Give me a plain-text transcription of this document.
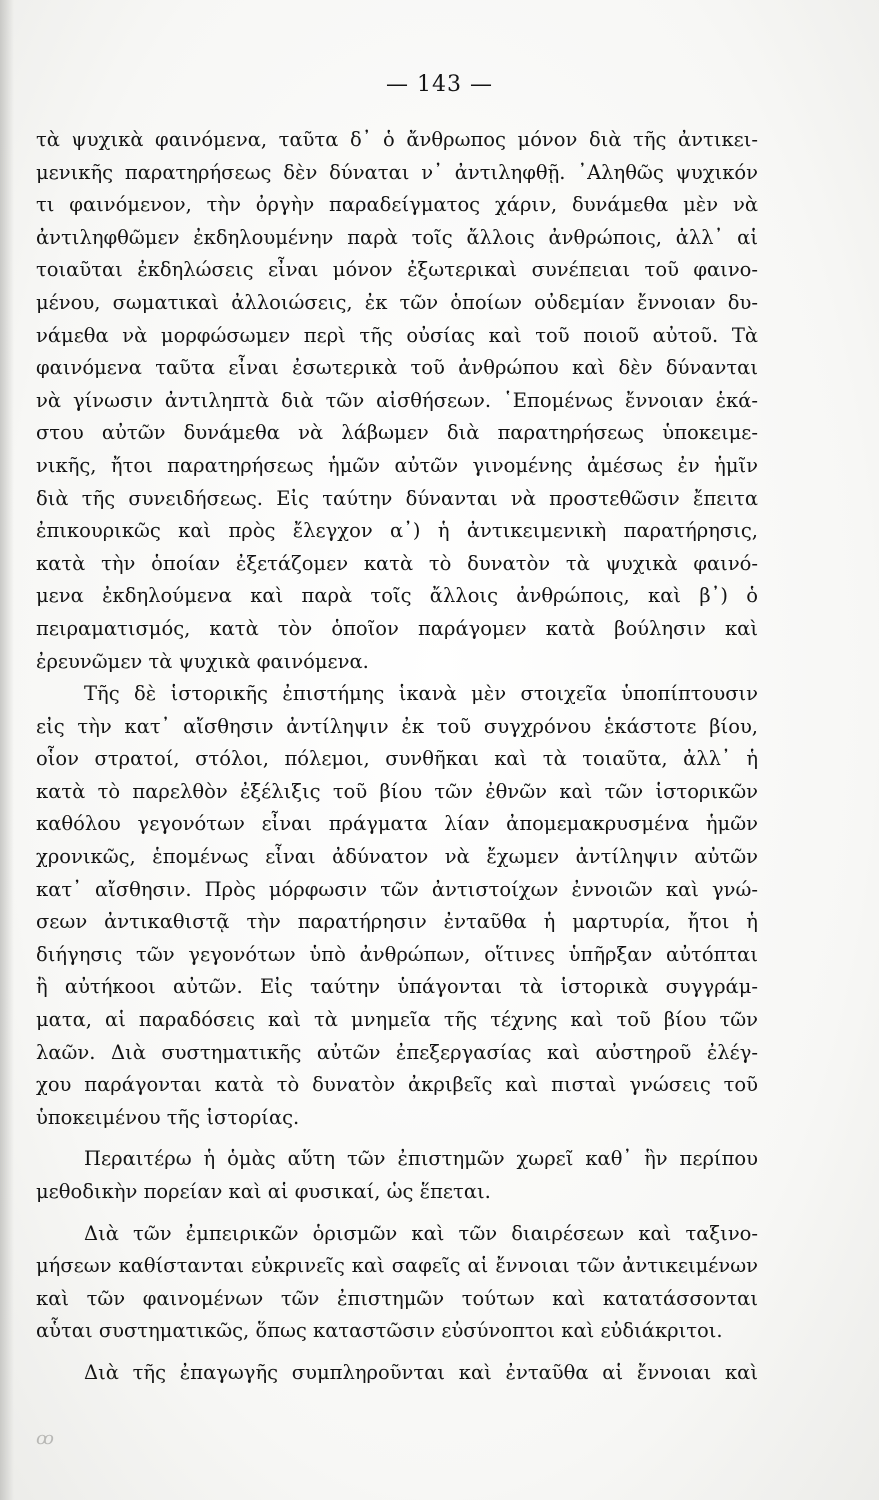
— 143 —
τὰ ψυχικὰ φαινόμενα, ταῦτα δ᾽ ὁ ἄνθρωπος μόνον διὰ τῆς ἀντικει-
μενικῆς παρατηρήσεως δὲν δύναται ν᾽ ἀντιληφθῇ. ᾿Αληθῶς ψυχικόν
τι φαινόμενον, τὴν ὀργὴν παραδείγματος χάριν, δυνάμεθα μὲν νὰ
ἀντιληφθῶμεν ἐκδηλουμένην παρὰ τοῖς ἄλλοις ἀνθρώποις, ἀλλ᾽ αἱ
τοιαῦται ἐκδηλώσεις εἶναι μόνον ἐξωτερικαὶ συνέπειαι τοῦ φαινο-
μένου, σωματικαὶ ἀλλοιώσεις, ἐκ τῶν ὁποίων οὐδεμίαν ἔννοιαν δυ-
νάμεθα νὰ μορφώσωμεν περὶ τῆς οὐσίας καὶ τοῦ ποιοῦ αὐτοῦ. Τὰ
φαινόμενα ταῦτα εἶναι ἐσωτερικὰ τοῦ ἀνθρώπου καὶ δὲν δύνανται
νὰ γίνωσιν ἀντιληπτὰ διὰ τῶν αἰσθήσεων. ῾Επομένως ἔννοιαν ἑκά-
στου αὐτῶν δυνάμεθα νὰ λάβωμεν διὰ παρατηρήσεως ὑποκειμε-
νικῆς, ἤτοι παρατηρήσεως ἡμῶν αὐτῶν γινομένης ἀμέσως ἐν ἡμῖν
διὰ τῆς συνειδήσεως. Εἰς ταύτην δύνανται νὰ προστεθῶσιν ἔπειτα
ἐπικουρικῶς καὶ πρὸς ἔλεγχον α᾽) ἡ ἀντικειμενικὴ παρατήρησις,
κατὰ τὴν ὁποίαν ἐξετάζομεν κατὰ τὸ δυνατὸν τὰ ψυχικὰ φαινό-
μενα ἐκδηλούμενα καὶ παρὰ τοῖς ἄλλοις ἀνθρώποις, καὶ β᾽) ὁ
πειραματισμός, κατὰ τὸν ὁποῖον παράγομεν κατὰ βούλησιν καὶ
ἐρευνῶμεν τὰ ψυχικὰ φαινόμενα.
Τῆς δὲ ἱστορικῆς ἐπιστήμης ἱκανὰ μὲν στοιχεῖα ὑποπίπτουσιν
εἰς τὴν κατ᾽ αἴσθησιν ἀντίληψιν ἐκ τοῦ συγχρόνου ἑκάστοτε βίου,
οἷον στρατοί, στόλοι, πόλεμοι, συνθῆκαι καὶ τὰ τοιαῦτα, ἀλλ᾽ ἡ
κατὰ τὸ παρελθὸν ἐξέλιξις τοῦ βίου τῶν ἐθνῶν καὶ τῶν ἱστορικῶν
καθόλου γεγονότων εἶναι πράγματα λίαν ἀπομεμακρυσμένα ἡμῶν
χρονικῶς, ἑπομένως εἶναι ἀδύνατον νὰ ἔχωμεν ἀντίληψιν αὐτῶν
κατ᾽ αἴσθησιν. Πρὸς μόρφωσιν τῶν ἀντιστοίχων ἐννοιῶν καὶ γνώ-
σεων ἀντικαθιστᾷ τὴν παρατήρησιν ἐνταῦθα ἡ μαρτυρία, ἤτοι ἡ
διήγησις τῶν γεγονότων ὑπὸ ἀνθρώπων, οἵτινες ὑπῆρξαν αὐτόπται
ἢ αὐτήκοοι αὐτῶν. Εἰς ταύτην ὑπάγονται τὰ ἱστορικὰ συγγράμ-
ματα, αἱ παραδόσεις καὶ τὰ μνημεῖα τῆς τέχνης καὶ τοῦ βίου τῶν
λαῶν. Διὰ συστηματικῆς αὐτῶν ἐπεξεργασίας καὶ αὐστηροῦ ἐλέγ-
χου παράγονται κατὰ τὸ δυνατὸν ἀκριβεῖς καὶ πισταὶ γνώσεις τοῦ
ὑποκειμένου τῆς ἱστορίας.
Περαιτέρω ἡ ὁμὰς αὕτη τῶν ἐπιστημῶν χωρεῖ καθ᾽ ἣν περίπου
μεθοδικὴν πορείαν καὶ αἱ φυσικαί, ὡς ἕπεται.
Διὰ τῶν ἐμπειρικῶν ὁρισμῶν καὶ τῶν διαιρέσεων καὶ ταξινο-
μήσεων καθίστανται εὐκρινεῖς καὶ σαφεῖς αἱ ἔννοιαι τῶν ἀντικειμένων
καὶ τῶν φαινομένων τῶν ἐπιστημῶν τούτων καὶ κατατάσσονται
αὗται συστηματικῶς, ὅπως καταστῶσιν εὐσύνοπτοι καὶ εὐδιάκριτοι.
Διὰ τῆς ἐπαγωγῆς συμπληροῦνται καὶ ἐνταῦθα αἱ ἔννοιαι καὶ
ꝏ
